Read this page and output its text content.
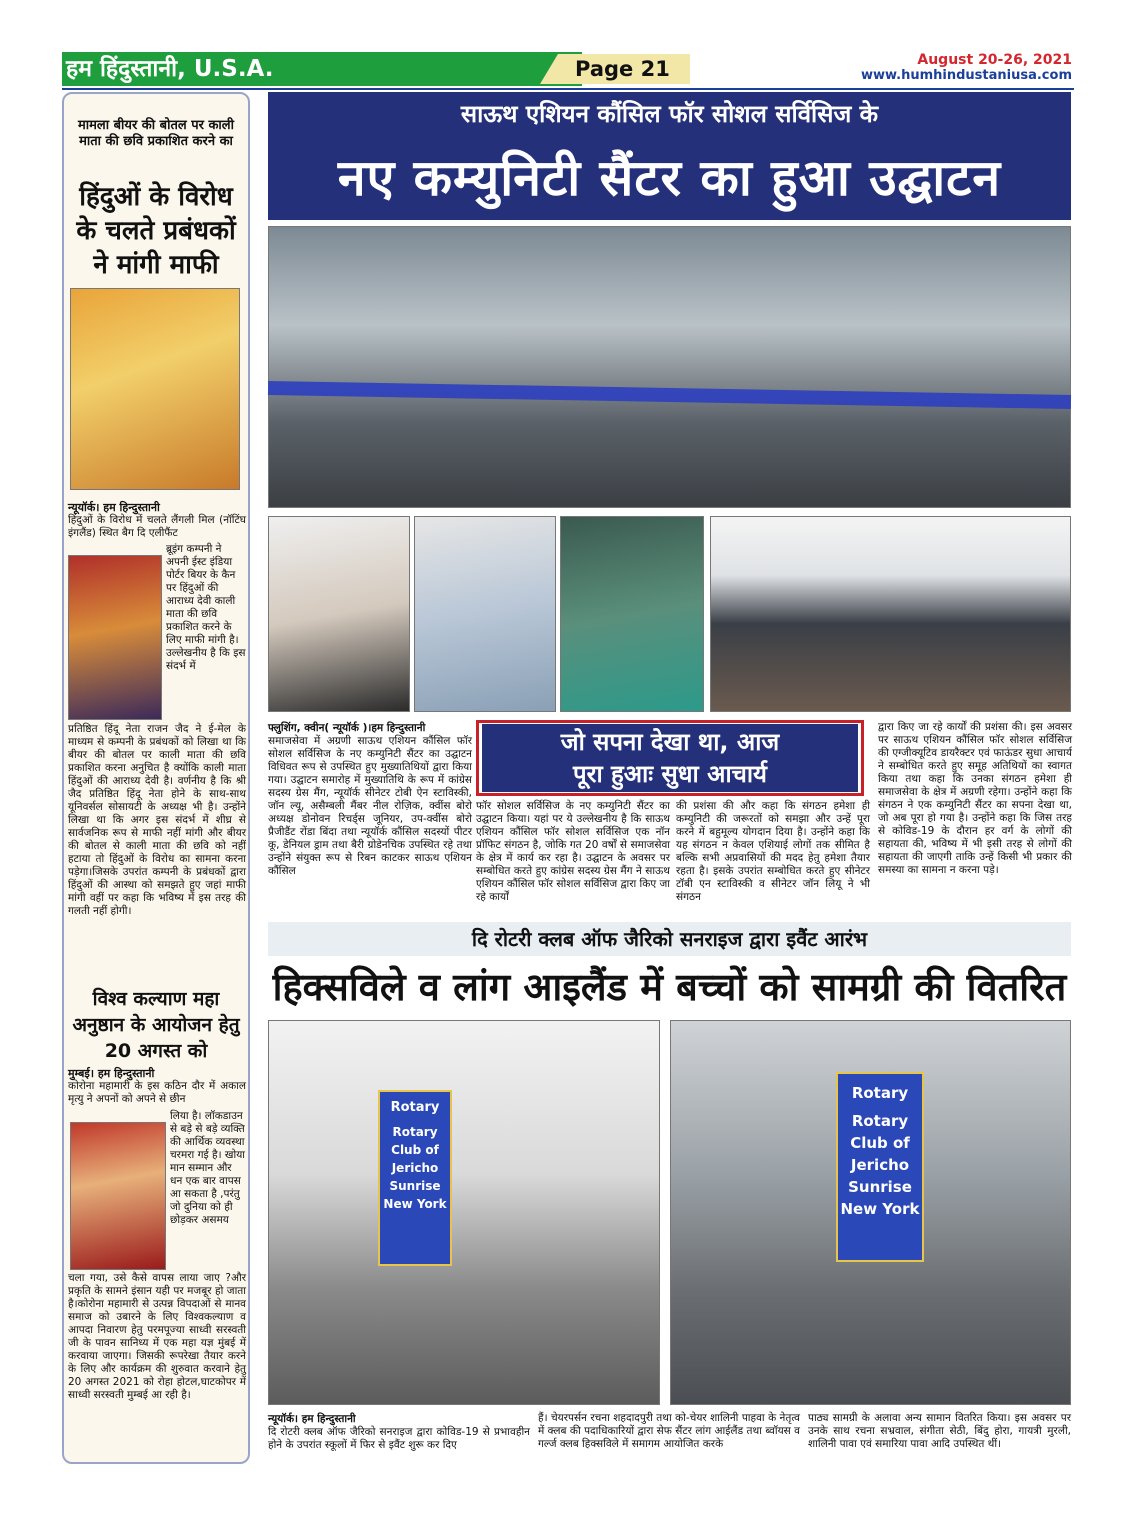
हम हिंदुस्तानी, U.S.A.	Page 21	August 20-26, 2021
www.humhindustaniusa.com
मामला बीयर की बोतल पर काली माता की छवि प्रकाशित करने का
हिंदुओं के विरोध के चलते प्रबंधकों ने मांगी माफी
न्यूयॉर्क। हम हिन्दुस्तानी
हिंदुओं के विरोध में चलते लैंगली मिल (नॉटिंघ इंगलैंड) स्थित बैग दि एलीफैंट
ब्रूइंग कम्पनी ने अपनी ईस्ट इंडिया पोर्टर बियर के कैन पर हिंदुओं की आराध्य देवी काली माता की छवि प्रकाशित करने के लिए माफी मांगी है। उल्लेखनीय है कि इस संदर्भ में
प्रतिष्ठित हिंदू नेता राजन जैद ने ई-मेल के माध्यम से कम्पनी के प्रबंधकों को लिखा था कि बीयर की बोतल पर काली माता की छवि प्रकाशित करना अनुचित है क्योंकि काली माता हिंदुओं की आराध्य देवी है। वर्णनीय है कि श्री जैद प्रतिष्ठित हिंदू नेता होने के साथ-साथ यूनिवर्सल सोसायटी के अध्यक्ष भी है। उन्होंने लिखा था कि अगर इस संदर्भ में शीघ्र से सार्वजनिक रूप से माफी नहीं मांगी और बीयर की बोतल से काली माता की छवि को नहीं हटाया तो हिंदुओं के विरोध का सामना करना पड़ेगा।जिसके उपरांत कम्पनी के प्रबंधकों द्वारा हिंदुओं की आस्था को समझते हुए जहां माफी मांगी वहीं पर कहा कि भविष्य में इस तरह की गलती नहीं होगी।
विश्व कल्याण महा अनुष्ठान के आयोजन हेतु 20 अगस्त को
मुम्बई। हम हिन्दुस्तानी
कोरोना महामारी के इस कठिन दौर में अकाल मृत्यु ने अपनों को अपने से छीन
लिया है। लॉकडाउन से बड़े से बड़े व्यक्ति की आर्थिक व्यवस्था चरमरा गई है। खोया मान सम्मान और धन एक बार वापस आ सकता है ,परंतु जो दुनिया को ही छोड़कर असमय
चला गया, उसे कैसे वापस लाया जाए ?और प्रकृति के सामने इंसान यही पर मजबूर हो जाता है।कोरोना महामारी से उत्पन्न विपदाओं से मानव समाज को उबारने के लिए विश्वकल्याण व आपदा निवारण हेतु परमपूज्या साध्वी सरस्वती जी के पावन सानिध्य में एक महा यज्ञ मुंबई में करवाया जाएगा। जिसकी रूपरेखा तैयार करने के लिए और कार्यक्रम की शुरुवात करवाने हेतु 20 अगस्त 2021 को रोहा होटल,घाटकोपर में साध्वी सरस्वती मुम्बई आ रही है।
साऊथ एशियन कौंसिल फॉर सोशल सर्विसिज के
नए कम्युनिटी सैंटर का हुआ उद्घाटन
फ्लुशिंग, क्वीन( न्यूयॉर्क )।हम हिन्दुस्तानी
समाजसेवा में अग्रणी साऊथ एशियन कौंसिल फॉर सोशल सर्विसिज के नए कम्युनिटी सैंटर का उद्घाटन विधिवत रूप से उपस्थित हुए मुख्यातिथियों द्वारा किया गया। उद्घाटन समारोह में मुख्यातिथि के रूप में कांग्रेस सदस्य ग्रेस मैंग, न्यूयॉर्क सीनेटर टोबी ऐन स्टाविस्की, जॉन ल्यू, असैम्बली मैंबर नील रोज़िक, क्वींस बोरो अध्यक्ष डोनोवन रिचर्ड्स जूनियर, उप-क्वींस बोरो प्रैजीडैंट रोंडा बिंदा तथा न्यूयॉर्क कौंसिल सदस्यों पीटर कू, डेनियल ड्राम तथा बैरी ग्रोडेनचिक उपस्थित रहे तथा उन्होंने संयुक्त रूप से रिबन काटकर साऊथ एशियन कौंसिल
जो सपना देखा था, आज
पूरा हुआः सुधा आचार्य
फॉर सोशल सर्विसिज के नए कम्युनिटी सैंटर का उद्घाटन किया। यहां पर ये उल्लेखनीय है कि साऊथ एशियन कौंसिल फॉर सोशल सर्विसिज एक नॉन प्रॉफिट संगठन है, जोकि गत 20 वर्षों से समाजसेवा के क्षेत्र में कार्य कर रहा है। उद्घाटन के अवसर पर सम्बोधित करते हुए कांग्रेस सदस्य ग्रेस मैंग ने साऊथ एशियन कौंसिल फॉर सोशल सर्विसिज द्वारा किए जा रहे कार्यों
की प्रशंसा की और कहा कि संगठन हमेशा ही कम्युनिटी की जरूरतों को समझा और उन्हें पूरा करने में बहुमूल्य योगदान दिया है। उन्होंने कहा कि यह संगठन न केवल एशियाई लोगों तक सीमित है बल्कि सभी अप्रवासियों की मदद हेतु हमेशा तैयार रहता है। इसके उपरांत सम्बोधित करते हुए सीनेटर टॉबी एन स्टाविस्की व सीनेटर जॉन लियू ने भी संगठन
द्वारा किए जा रहे कार्यों की प्रशंसा की। इस अवसर पर साऊथ एशियन कौंसिल फॉर सोशल सर्विसिज की एग्जीक्यूटिव डायरैक्टर एवं फाऊंडर सुधा आचार्य ने सम्बोधित करते हुए समूह अतिथियों का स्वागत किया तथा कहा कि उनका संगठन हमेशा ही समाजसेवा के क्षेत्र में अग्रणी रहेगा। उन्होंने कहा कि संगठन ने एक कम्युनिटी सैंटर का सपना देखा था, जो अब पूरा हो गया है। उन्होंने कहा कि जिस तरह से कोविड-19 के दौरान हर वर्ग के लोगों की सहायता की, भविष्य में भी इसी तरह से लोगों की सहायता की जाएगी ताकि उन्हें किसी भी प्रकार की समस्या का सामना न करना पड़े।
दि रोटरी क्लब ऑफ जैरिको सनराइज द्वारा इवैंट आरंभ
हिक्सविले व लांग आइलैंड में बच्चों को सामग्री की वितरित
Rotary
Rotary Club of Jericho Sunrise New York
Rotary
Rotary Club of Jericho Sunrise New York
न्यूयॉर्क। हम हिन्दुस्तानी
दि रोटरी क्लब ऑफ जैरिको सनराइज द्वारा कोविड-19 से प्रभावहीन होने के उपरांत स्कूलों में फिर से इवैंट शुरू कर दिए
हैं। चेयरपर्सन रचना शहदादपुरी तथा को-चेयर शालिनी पाहवा के नेतृत्व में क्लब की पदाधिकारियों द्वारा सेफ सैंटर लांग आईलैंड तथा ब्वॉयस व गर्ल्ज क्लब हिक्सविले में समागम आयोजित करके
पाठ्य सामग्री के अलावा अन्य सामान वितरित किया। इस अवसर पर उनके साथ रचना सभ्रवाल, संगीता सेठी, बिंदु होरा, गायत्री मुरली, शालिनी पावा एवं समारिया पावा आदि उपस्थित थीं।
